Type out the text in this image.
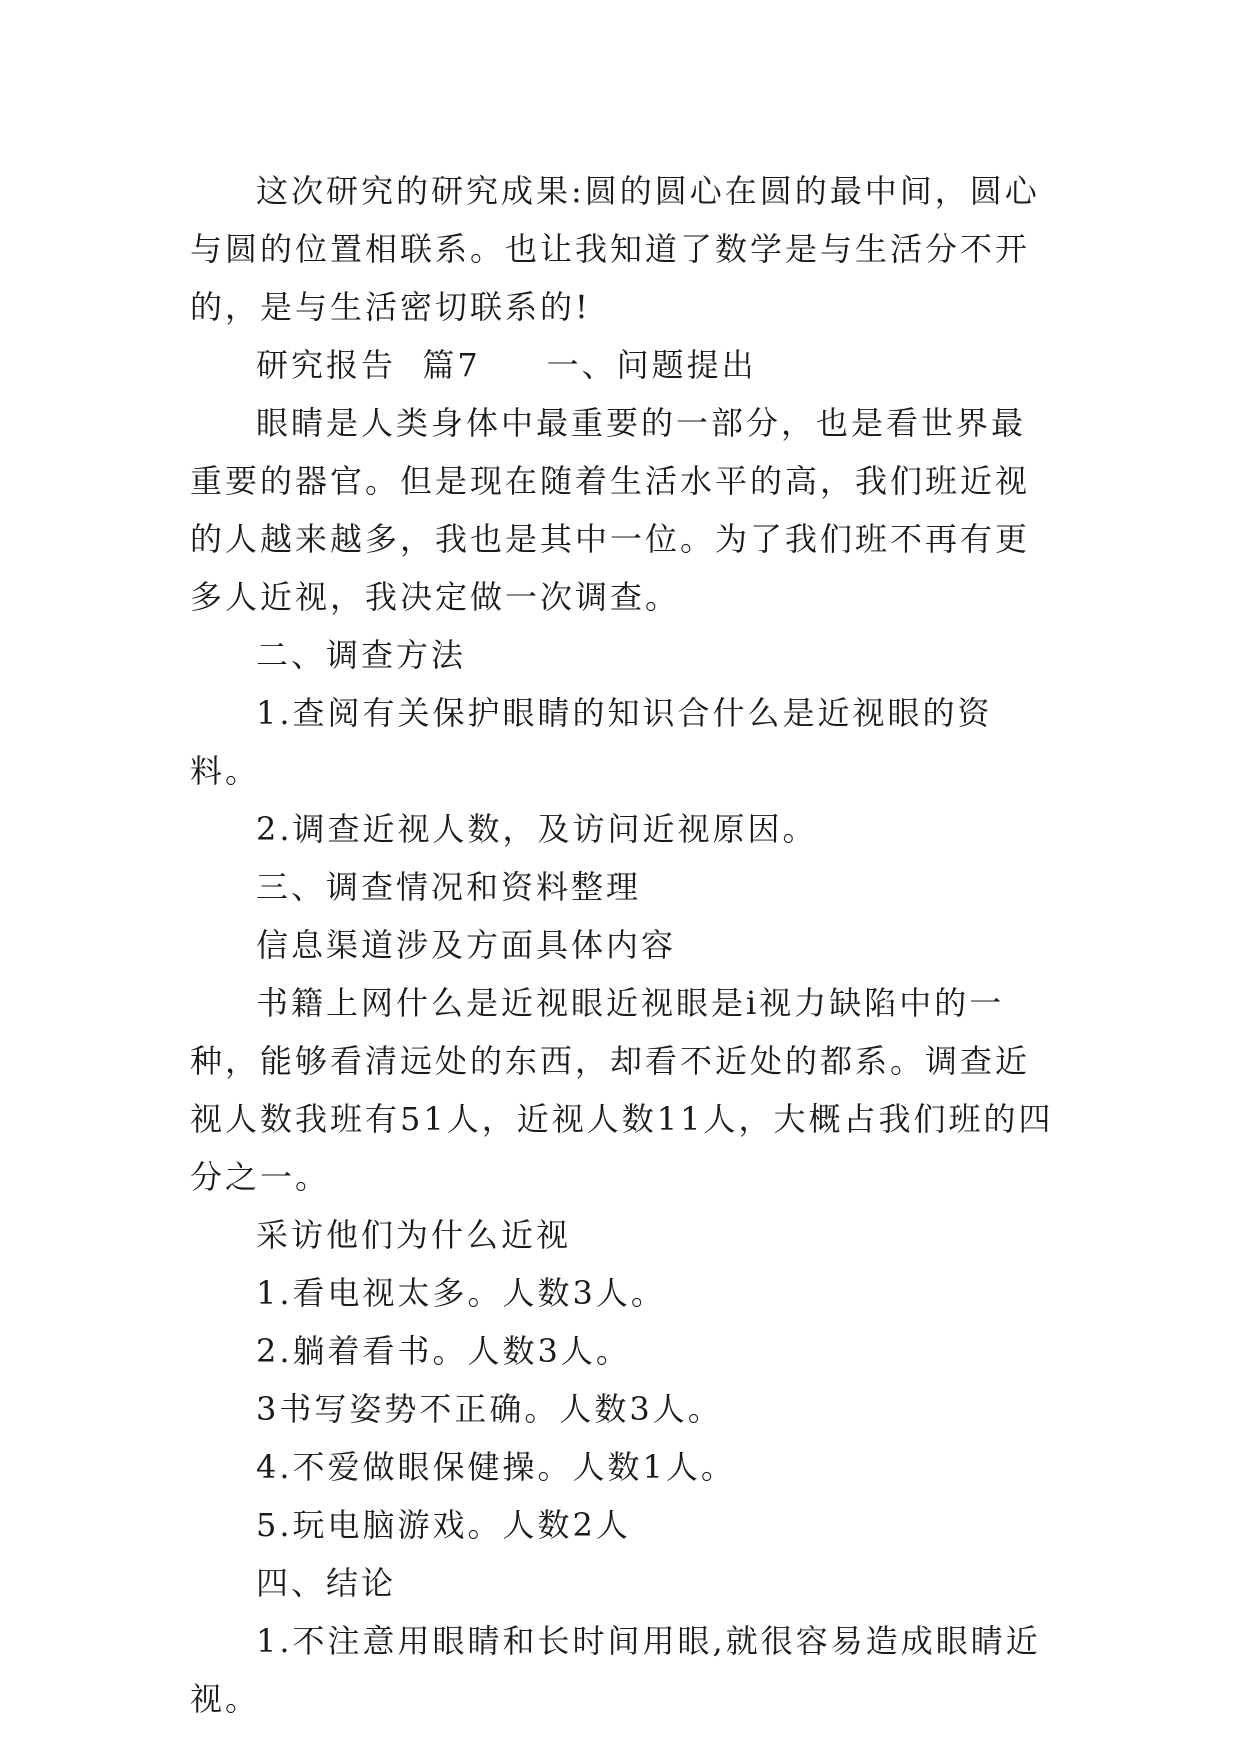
这次研究的研究成果:圆的圆心在圆的最中间，圆心与圆的位置相联系。也让我知道了数学是与生活分不开的，是与生活密切联系的!

研究报告  篇7     一、问题提出

眼睛是人类身体中最重要的一部分，也是看世界最重要的器官。但是现在随着生活水平的高，我们班近视的人越来越多，我也是其中一位。为了我们班不再有更多人近视，我决定做一次调查。

二、调查方法

1.查阅有关保护眼睛的知识合什么是近视眼的资料。

2.调查近视人数，及访问近视原因。

三、调查情况和资料整理

信息渠道涉及方面具体内容

书籍上网什么是近视眼近视眼是i视力缺陷中的一种，能够看清远处的东西，却看不近处的都系。调查近视人数我班有51人，近视人数11人，大概占我们班的四分之一。

采访他们为什么近视

1.看电视太多。人数3人。

2.躺着看书。人数3人。

3书写姿势不正确。人数3人。

4.不爱做眼保健操。人数1人。

5.玩电脑游戏。人数2人

四、结论

1.不注意用眼睛和长时间用眼,就很容易造成眼睛近视。
